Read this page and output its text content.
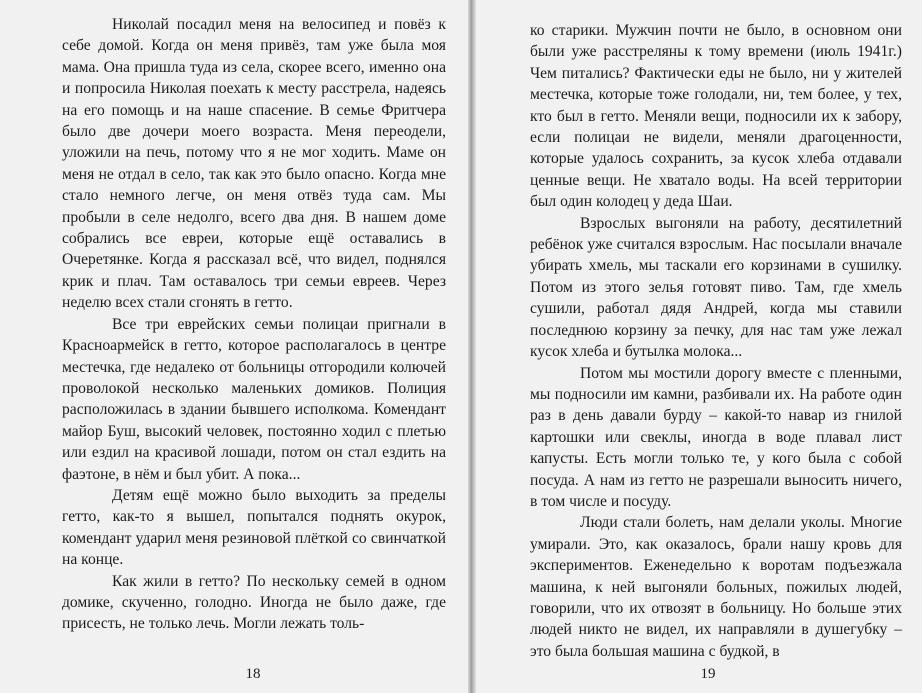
Николай посадил меня на велосипед и повёз к себе домой. Когда он меня привёз, там уже была моя мама. Она пришла туда из села, скорее всего, именно она и попросила Николая поехать к месту расстрела, надеясь на его помощь и на наше спасение. В семье Фритчера было две дочери моего возраста. Меня переодели, уложили на печь, потому что я не мог ходить. Маме он меня не отдал в село, так как это было опасно. Когда мне стало немного легче, он меня отвёз туда сам. Мы пробыли в селе недолго, всего два дня. В нашем доме собрались все евреи, которые ещё оставались в Очеретянке. Когда я рассказал всё, что видел, поднялся крик и плач. Там оставалось три семьи евреев. Через неделю всех стали сгонять в гетто.

Все три еврейских семьи полицаи пригнали в Красноармейск в гетто, которое располагалось в центре местечка, где недалеко от больницы отгородили колючей проволокой несколько маленьких домиков. Полиция расположилась в здании бывшего исполкома. Комендант майор Буш, высокий человек, постоянно ходил с плетью или ездил на красивой лошади, потом он стал ездить на фаэтоне, в нём и был убит. А пока...

Детям ещё можно было выходить за пределы гетто, как-то я вышел, попытался поднять окурок, комендант ударил меня резиновой плёткой со свинчаткой на конце.

Как жили в гетто? По нескольку семей в одном домике, скученно, голодно. Иногда не было даже, где присесть, не только лечь. Могли лежать толь-

18

ко старики. Мужчин почти не было, в основном они были уже расстреляны к тому времени (июль 1941г.) Чем питались? Фактически еды не было, ни у жителей местечка, которые тоже голодали, ни, тем более, у тех, кто был в гетто. Меняли вещи, подносили их к забору, если полицаи не видели, меняли драгоценности, которые удалось сохранить, за кусок хлеба отдавали ценные вещи. Не хватало воды. На всей территории был один колодец у деда Шаи.

Взрослых выгоняли на работу, десятилетний ребёнок уже считался взрослым. Нас посылали вначале убирать хмель, мы таскали его корзинами в сушилку. Потом из этого зелья готовят пиво. Там, где хмель сушили, работал дядя Андрей, когда мы ставили последнюю корзину за печку, для нас там уже лежал кусок хлеба и бутылка молока...

Потом мы мостили дорогу вместе с пленными, мы подносили им камни, разбивали их. На работе один раз в день давали бурду – какой-то навар из гнилой картошки или свеклы, иногда в воде плавал лист капусты. Есть могли только те, у кого была с собой посуда. А нам из гетто не разрешали выносить ничего, в том числе и посуду.

Люди стали болеть, нам делали уколы. Многие умирали. Это, как оказалось, брали нашу кровь для экспериментов. Еженедельно к воротам подъезжала машина, к ней выгоняли больных, пожилых людей, говорили, что их отвозят в больницу. Но больше этих людей никто не видел, их направляли в душегубку – это была большая машина с будкой, в

19
